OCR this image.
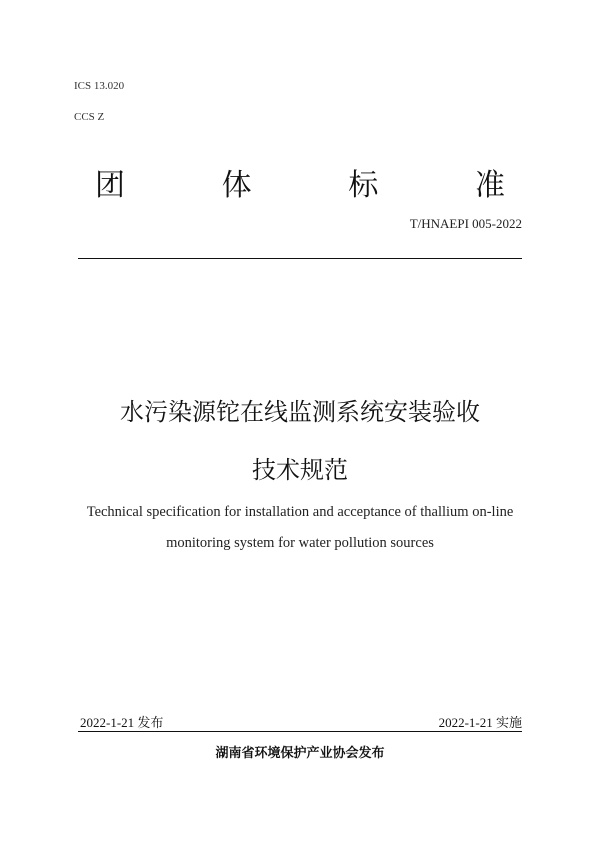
ICS 13.020
CCS Z
团	体	标	准
T/HNAEPI 005-2022
水污染源铊在线监测系统安装验收
技术规范
Technical specification for installation and acceptance of thallium on-line
monitoring system for water pollution sources
2022-1-21 发布	2022-1-21 实施
湖南省环境保护产业协会发布
